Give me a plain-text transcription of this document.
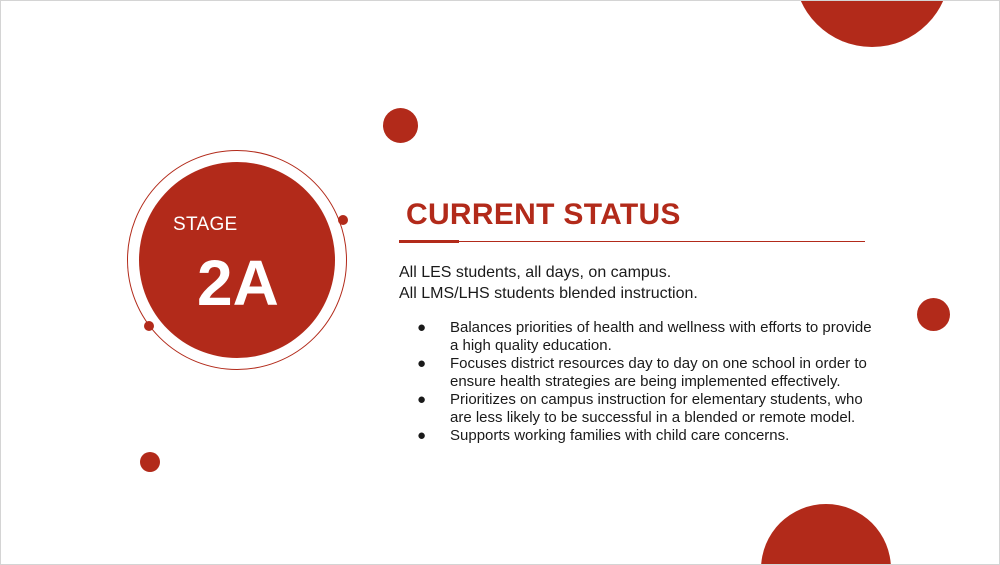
STAGE
2A
CURRENT STATUS
All LES students, all days, on campus.
All LMS/LHS students blended instruction.
● Balances priorities of health and wellness with efforts to provide a high quality education.
● Focuses district resources day to day on one school in order to ensure health strategies are being implemented effectively.
● Prioritizes on campus instruction for elementary students, who are less likely to be successful in a blended or remote model.
● Supports working families with child care concerns.
